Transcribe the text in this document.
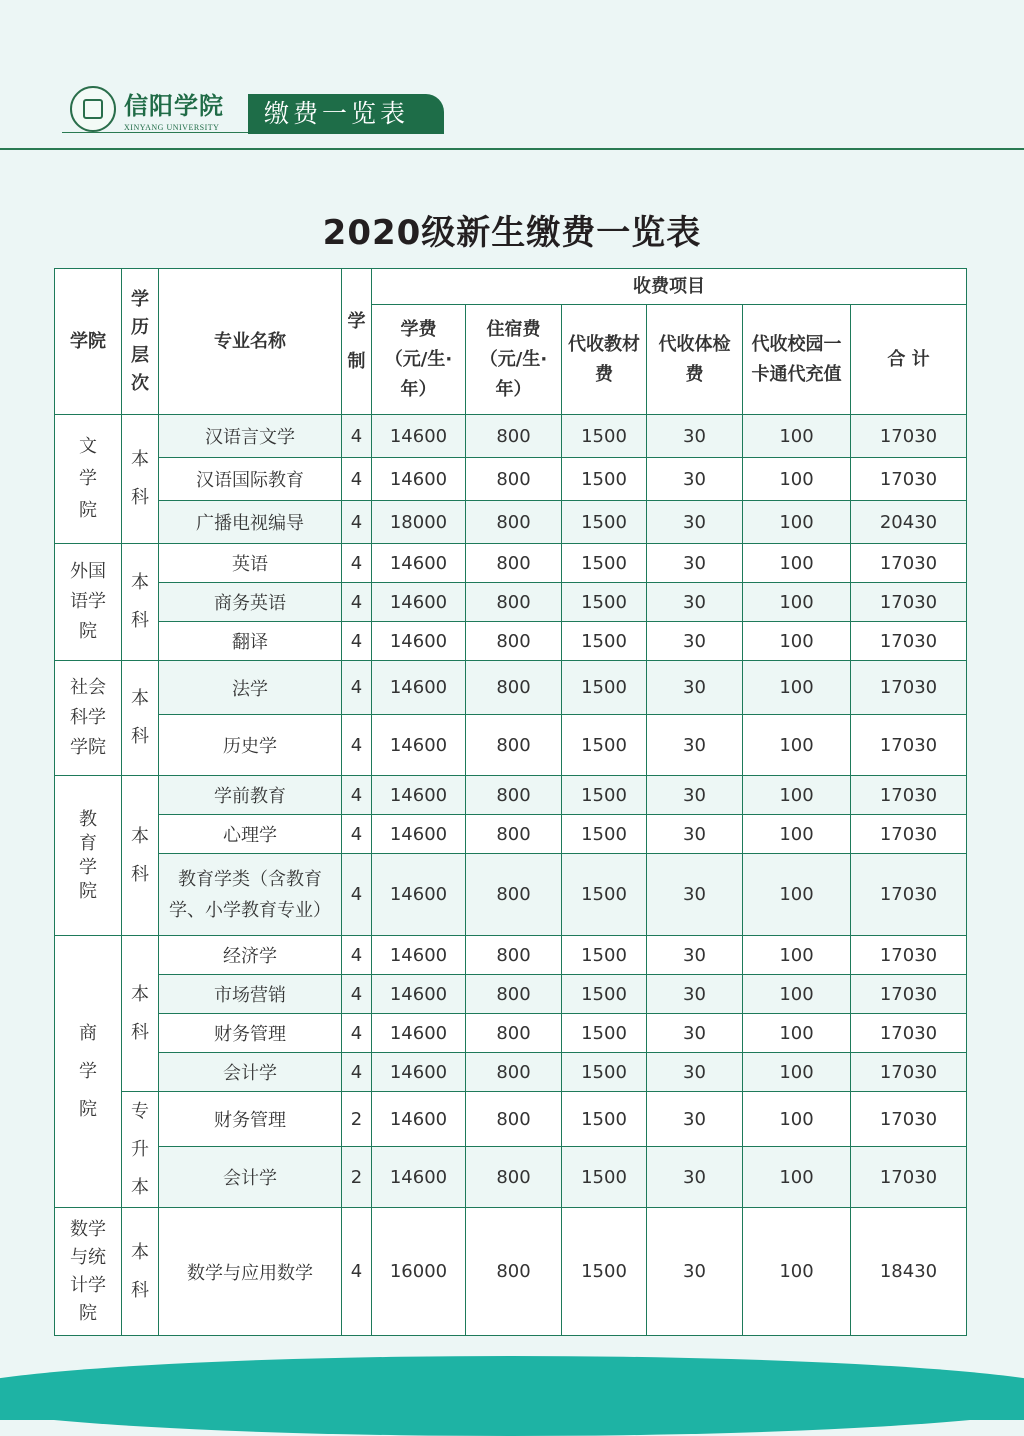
信阳学院
XINYANG UNIVERSITY	缴费一览表
2020级新生缴费一览表
学院	学历层次	专业名称	学制	收费项目					
				学费（元/生·年）	住宿费（元/生·年）	代收教材费	代收体检费	代收校园一卡通代充值	合 计
文学院	本科	汉语言文学	4	14600	800	1500	30	100	17030
		汉语国际教育	4	14600	800	1500	30	100	17030
		广播电视编导	4	18000	800	1500	30	100	20430
外国语学院	本科	英语	4	14600	800	1500	30	100	17030
		商务英语	4	14600	800	1500	30	100	17030
		翻译	4	14600	800	1500	30	100	17030
社会科学学院	本科	法学	4	14600	800	1500	30	100	17030
		历史学	4	14600	800	1500	30	100	17030
教育学院	本科	学前教育	4	14600	800	1500	30	100	17030
		心理学	4	14600	800	1500	30	100	17030
		教育学类（含教育学、小学教育专业）	4	14600	800	1500	30	100	17030
商学院	本科	经济学	4	14600	800	1500	30	100	17030
		市场营销	4	14600	800	1500	30	100	17030
		财务管理	4	14600	800	1500	30	100	17030
		会计学	4	14600	800	1500	30	100	17030
	专升本	财务管理	2	14600	800	1500	30	100	17030
		会计学	2	14600	800	1500	30	100	17030
数学与统计学院	本科	数学与应用数学	4	16000	800	1500	30	100	18430
